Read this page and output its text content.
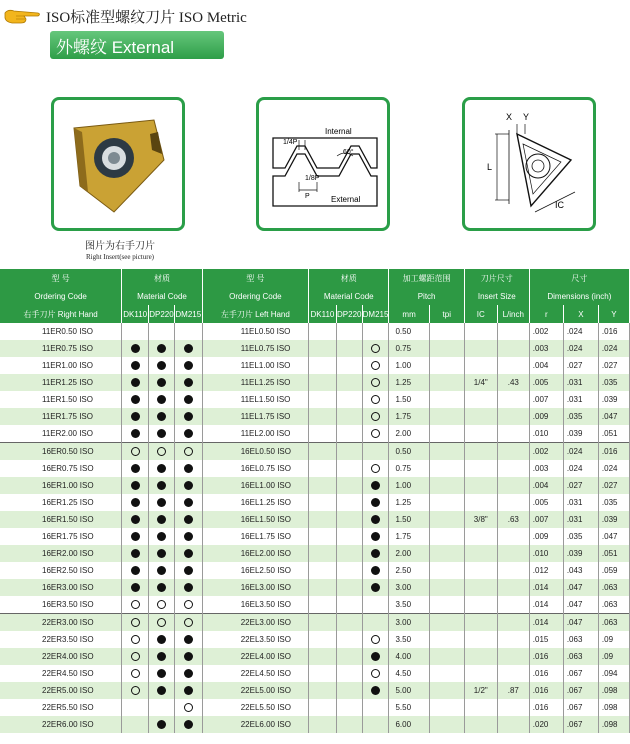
ISO标准型螺纹刀片 ISO Metric
外螺纹 External
Internal
1/4P
60°
1/8P
P	External
X Y
L
IC
图片为右手刀片
Right Insert(see picture)
型 号	材质			型 号	材质			加工螺距范围		刀片尺寸		尺寸		
Ordering Code	Material Code			Ordering Code	Material Code			Pitch		Insert Size		Dimensions (inch)		
右手刀片 Right Hand	DK110	DP220	DM215	左手刀片 Left Hand	DK110	DP220	DM215	mm	tpi	IC	L/inch	r	X	Y
11ER0.50 ISO				11EL0.50 ISO				0.50				.002	.024	.016
11ER0.75 ISO				11EL0.75 ISO				0.75				.003	.024	.024
11ER1.00 ISO				11EL1.00 ISO				1.00				.004	.027	.027
11ER1.25 ISO				11EL1.25 ISO				1.25		1/4"	.43	.005	.031	.035
11ER1.50 ISO				11EL1.50 ISO				1.50				.007	.031	.039
11ER1.75 ISO				11EL1.75 ISO				1.75				.009	.035	.047
11ER2.00 ISO				11EL2.00 ISO				2.00				.010	.039	.051
16ER0.50 ISO				16EL0.50 ISO				0.50				.002	.024	.016
16ER0.75 ISO				16EL0.75 ISO				0.75				.003	.024	.024
16ER1.00 ISO				16EL1.00 ISO				1.00				.004	.027	.027
16ER1.25 ISO				16EL1.25 ISO				1.25				.005	.031	.035
16ER1.50 ISO				16EL1.50 ISO				1.50		3/8"	.63	.007	.031	.039
16ER1.75 ISO				16EL1.75 ISO				1.75				.009	.035	.047
16ER2.00 ISO				16EL2.00 ISO				2.00				.010	.039	.051
16ER2.50 ISO				16EL2.50 ISO				2.50				.012	.043	.059
16ER3.00 ISO				16EL3.00 ISO				3.00				.014	.047	.063
16ER3.50 ISO				16EL3.50 ISO				3.50				.014	.047	.063
22ER3.00 ISO				22EL3.00 ISO				3.00				.014	.047	.063
22ER3.50 ISO				22EL3.50 ISO				3.50				.015	.063	.09
22ER4.00 ISO				22EL4.00 ISO				4.00				.016	.063	.09
22ER4.50 ISO				22EL4.50 ISO				4.50				.016	.067	.094
22ER5.00 ISO				22EL5.00 ISO				5.00		1/2"	.87	.016	.067	.098
22ER5.50 ISO				22EL5.50 ISO				5.50				.016	.067	.098
22ER6.00 ISO				22EL6.00 ISO				6.00				.020	.067	.098
